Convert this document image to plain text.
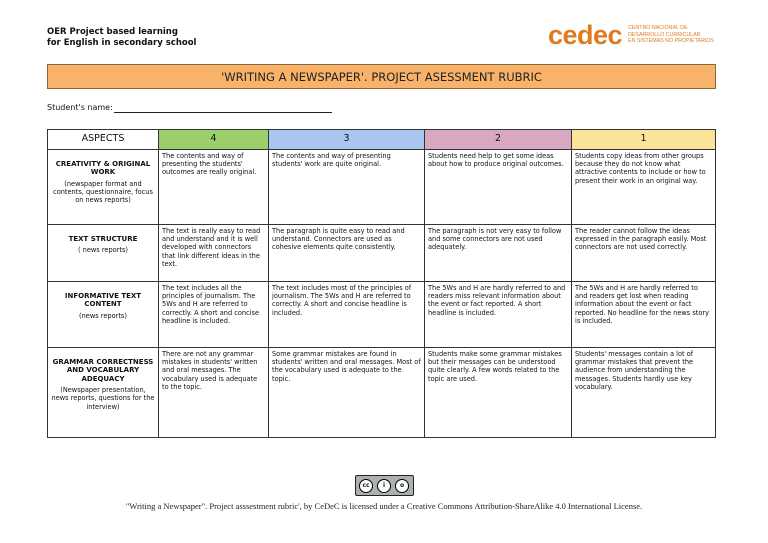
OER Project based learning
for English in secondary school	cedec CENTRO NACIONAL DE
DESARROLLO CURRICULAR
EN SISTEMAS NO PROPIETARIOS
'WRITING A NEWSPAPER'. PROJECT ASESSMENT RUBRIC
Student's name:
ASPECTS	4	3	2	1

CREATIVITY & ORIGINAL WORK
(newspaper format and contents, questionnaire, focus on news reports)	The contents and way of presenting the students' outcomes are really original.	The contents and way of presenting students' work are quite original.	Students need help to get some ideas about how to produce original outcomes.	Students copy ideas from other groups because they do not know what attractive contents to include or how to present their work in an original way.

TEXT STRUCTURE
( news reports)	The text is really easy to read and understand and it is well developed with connectors that link different ideas in the text.	The paragraph is quite easy to read and understand. Connectors are used as cohesive elements quite consistently.	The paragraph is not very easy to follow and some connectors are not used adequately.	The reader cannot follow the ideas expressed in the paragraph easily. Most connectors are not used correctly.

INFORMATIVE TEXT CONTENT
(news reports)	The text includes all the principles of journalism. The 5Ws and H are referred to correctly. A short and concise headline is included.	The text includes most of the principles of journalism. The 5Ws and H are referred to correctly. A short and concise headline is included.	The 5Ws and H are hardly referred to and readers miss relevant information about the event or fact reported. A short headline is included.	The 5Ws and H are hardly referred to and readers get lost when reading information about the event or fact reported. No headline for the news story is included.

GRAMMAR CORRECTNESS AND VOCABULARY ADEQUACY
(Newspaper presentation, news reports, questions for the interview)	There are not any grammar mistakes in students' written and oral messages. The vocabulary used is adequate to the topic.	Some grammar mistakes are found in students' written and oral messages. Most of the vocabulary used is adequate to the topic.	Students make some grammar mistakes but their messages can be understood quite clearly. A few words related to the topic are used.	Students' messages contain a lot of grammar mistakes that prevent the audience from understanding the messages. Students hardly use key vocabulary.
cc	i	o
"Writing a Newspaper". Project asssestment rubric', by CeDeC is licensed under a Creative Commons Attribution-ShareAlike 4.0 International License.
